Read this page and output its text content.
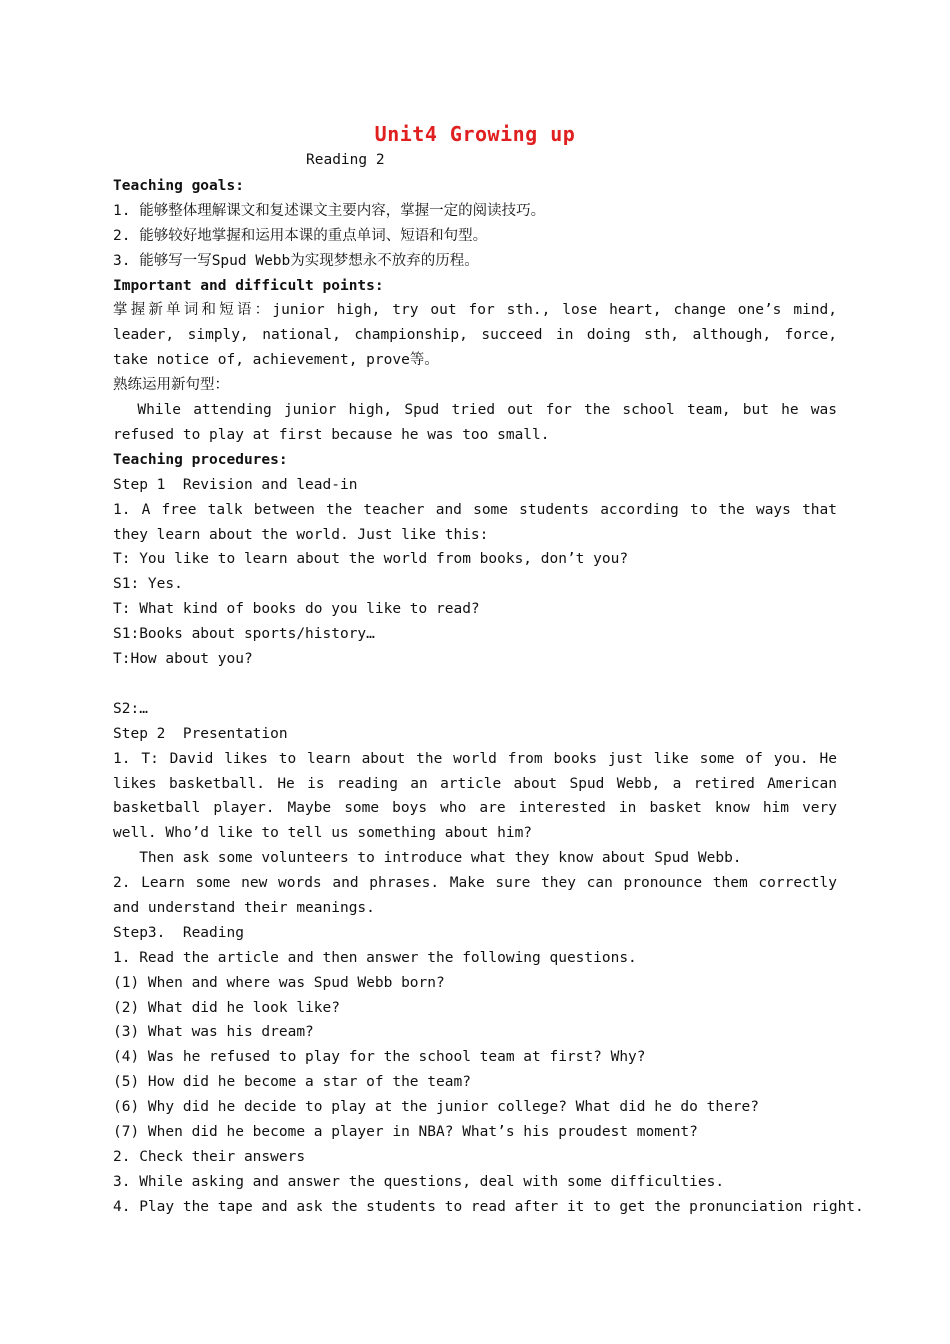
Unit4 Growing up
Reading 2
Teaching goals:
1. 能够整体理解课文和复述课文主要内容，掌握一定的阅读技巧。
2. 能够较好地掌握和运用本课的重点单词、短语和句型。
3. 能够写一写Spud Webb为实现梦想永不放弃的历程。
Important and difficult points:
掌握新单词和短语：junior high, try out for sth., lose heart, change one’s mind, leader, simply, national, championship, succeed in doing sth, although, force, take notice of, achievement, prove等。
熟练运用新句型：
While attending junior high, Spud tried out for the school team, but he was refused to play at first because he was too small.
Teaching procedures:
Step 1  Revision and lead-in
1. A free talk between the teacher and some students according to the ways that they learn about the world. Just like this:
T: You like to learn about the world from books, don’t you?
S1: Yes.
T: What kind of books do you like to read?
S1:Books about sports/history…
T:How about you?
S2:…
Step 2  Presentation
1. T: David likes to learn about the world from books just like some of you. He likes basketball. He is reading an article about Spud Webb, a retired American basketball player. Maybe some boys who are interested in basket know him very well. Who’d like to tell us something about him?
Then ask some volunteers to introduce what they know about Spud Webb.
2. Learn some new words and phrases. Make sure they can pronounce them correctly and understand their meanings.
Step3.  Reading
1. Read the article and then answer the following questions.
(1) When and where was Spud Webb born?
(2) What did he look like?
(3) What was his dream?
(4) Was he refused to play for the school team at first? Why?
(5) How did he become a star of the team?
(6) Why did he decide to play at the junior college? What did he do there?
(7) When did he become a player in NBA? What’s his proudest moment?
2. Check their answers
3. While asking and answer the questions, deal with some difficulties.
4. Play the tape and ask the students to read after it to get the pronunciation right.
